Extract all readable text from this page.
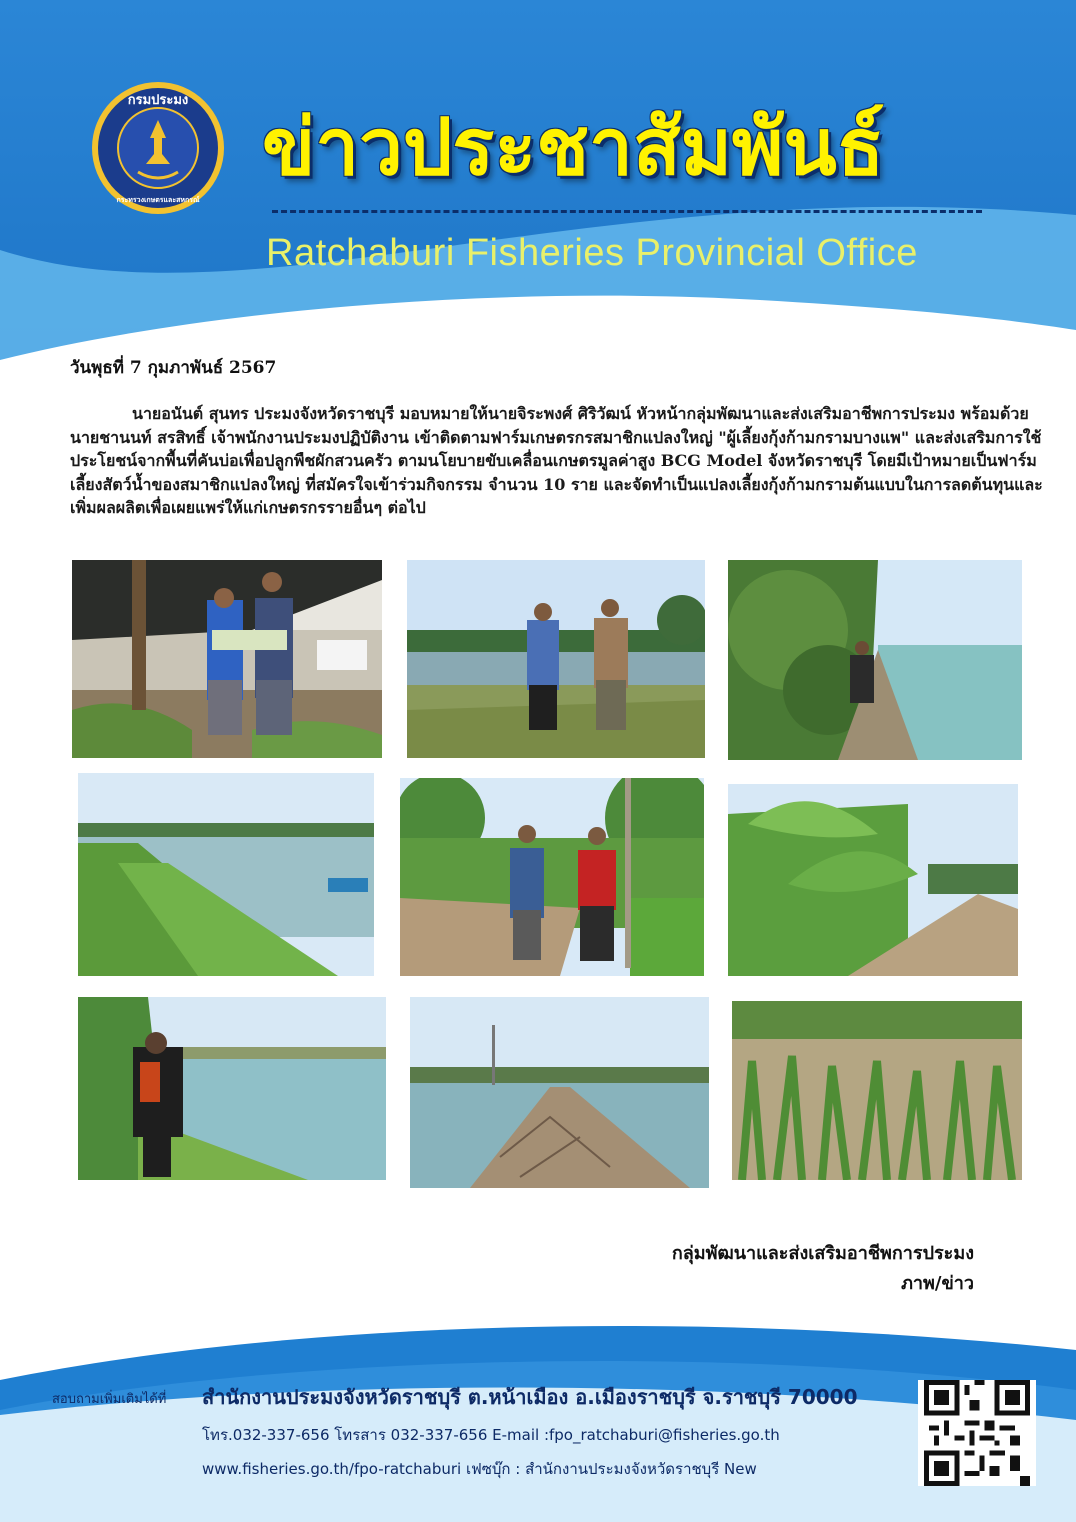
กรมประมง
กระทรวงเกษตรและสหกรณ์
ข่าวประชาสัมพันธ์
Ratchaburi Fisheries Provincial Office
วันพุธที่ 7 กุมภาพันธ์ 2567
นายอนันต์ สุนทร ประมงจังหวัดราชบุรี มอบหมายให้นายจิระพงศ์ ศิริวัฒน์ หัวหน้ากลุ่มพัฒนาและส่งเสริมอาชีพการประมง พร้อมด้วยนายชานนท์ สรสิทธิ์ เจ้าพนักงานประมงปฏิบัติงาน เข้าติดตามฟาร์มเกษตรกรสมาชิกแปลงใหญ่ "ผู้เลี้ยงกุ้งก้ามกรามบางแพ" และส่งเสริมการใช้ประโยชน์จากพื้นที่คันบ่อเพื่อปลูกพืชผักสวนครัว ตามนโยบายขับเคลื่อนเกษตรมูลค่าสูง BCG Model จังหวัดราชบุรี โดยมีเป้าหมายเป็นฟาร์มเลี้ยงสัตว์น้ำของสมาชิกแปลงใหญ่ ที่สมัครใจเข้าร่วมกิจกรรม จำนวน 10 ราย และจัดทำเป็นแปลงเลี้ยงกุ้งก้ามกรามต้นแบบในการลดต้นทุนและเพิ่มผลผลิตเพื่อเผยแพร่ให้แก่เกษตรกรรายอื่นๆ ต่อไป
กลุ่มพัฒนาและส่งเสริมอาชีพการประมง
ภาพ/ข่าว
สอบถามเพิ่มเติมได้ที่ สำนักงานประมงจังหวัดราชบุรี ต.หน้าเมือง อ.เมืองราชบุรี จ.ราชบุรี 70000
โทร.032-337-656 โทรสาร 032-337-656 E-mail :fpo_ratchaburi@fisheries.go.th
www.fisheries.go.th/fpo-ratchaburi เฟซบุ๊ก : สำนักงานประมงจังหวัดราชบุรี New
